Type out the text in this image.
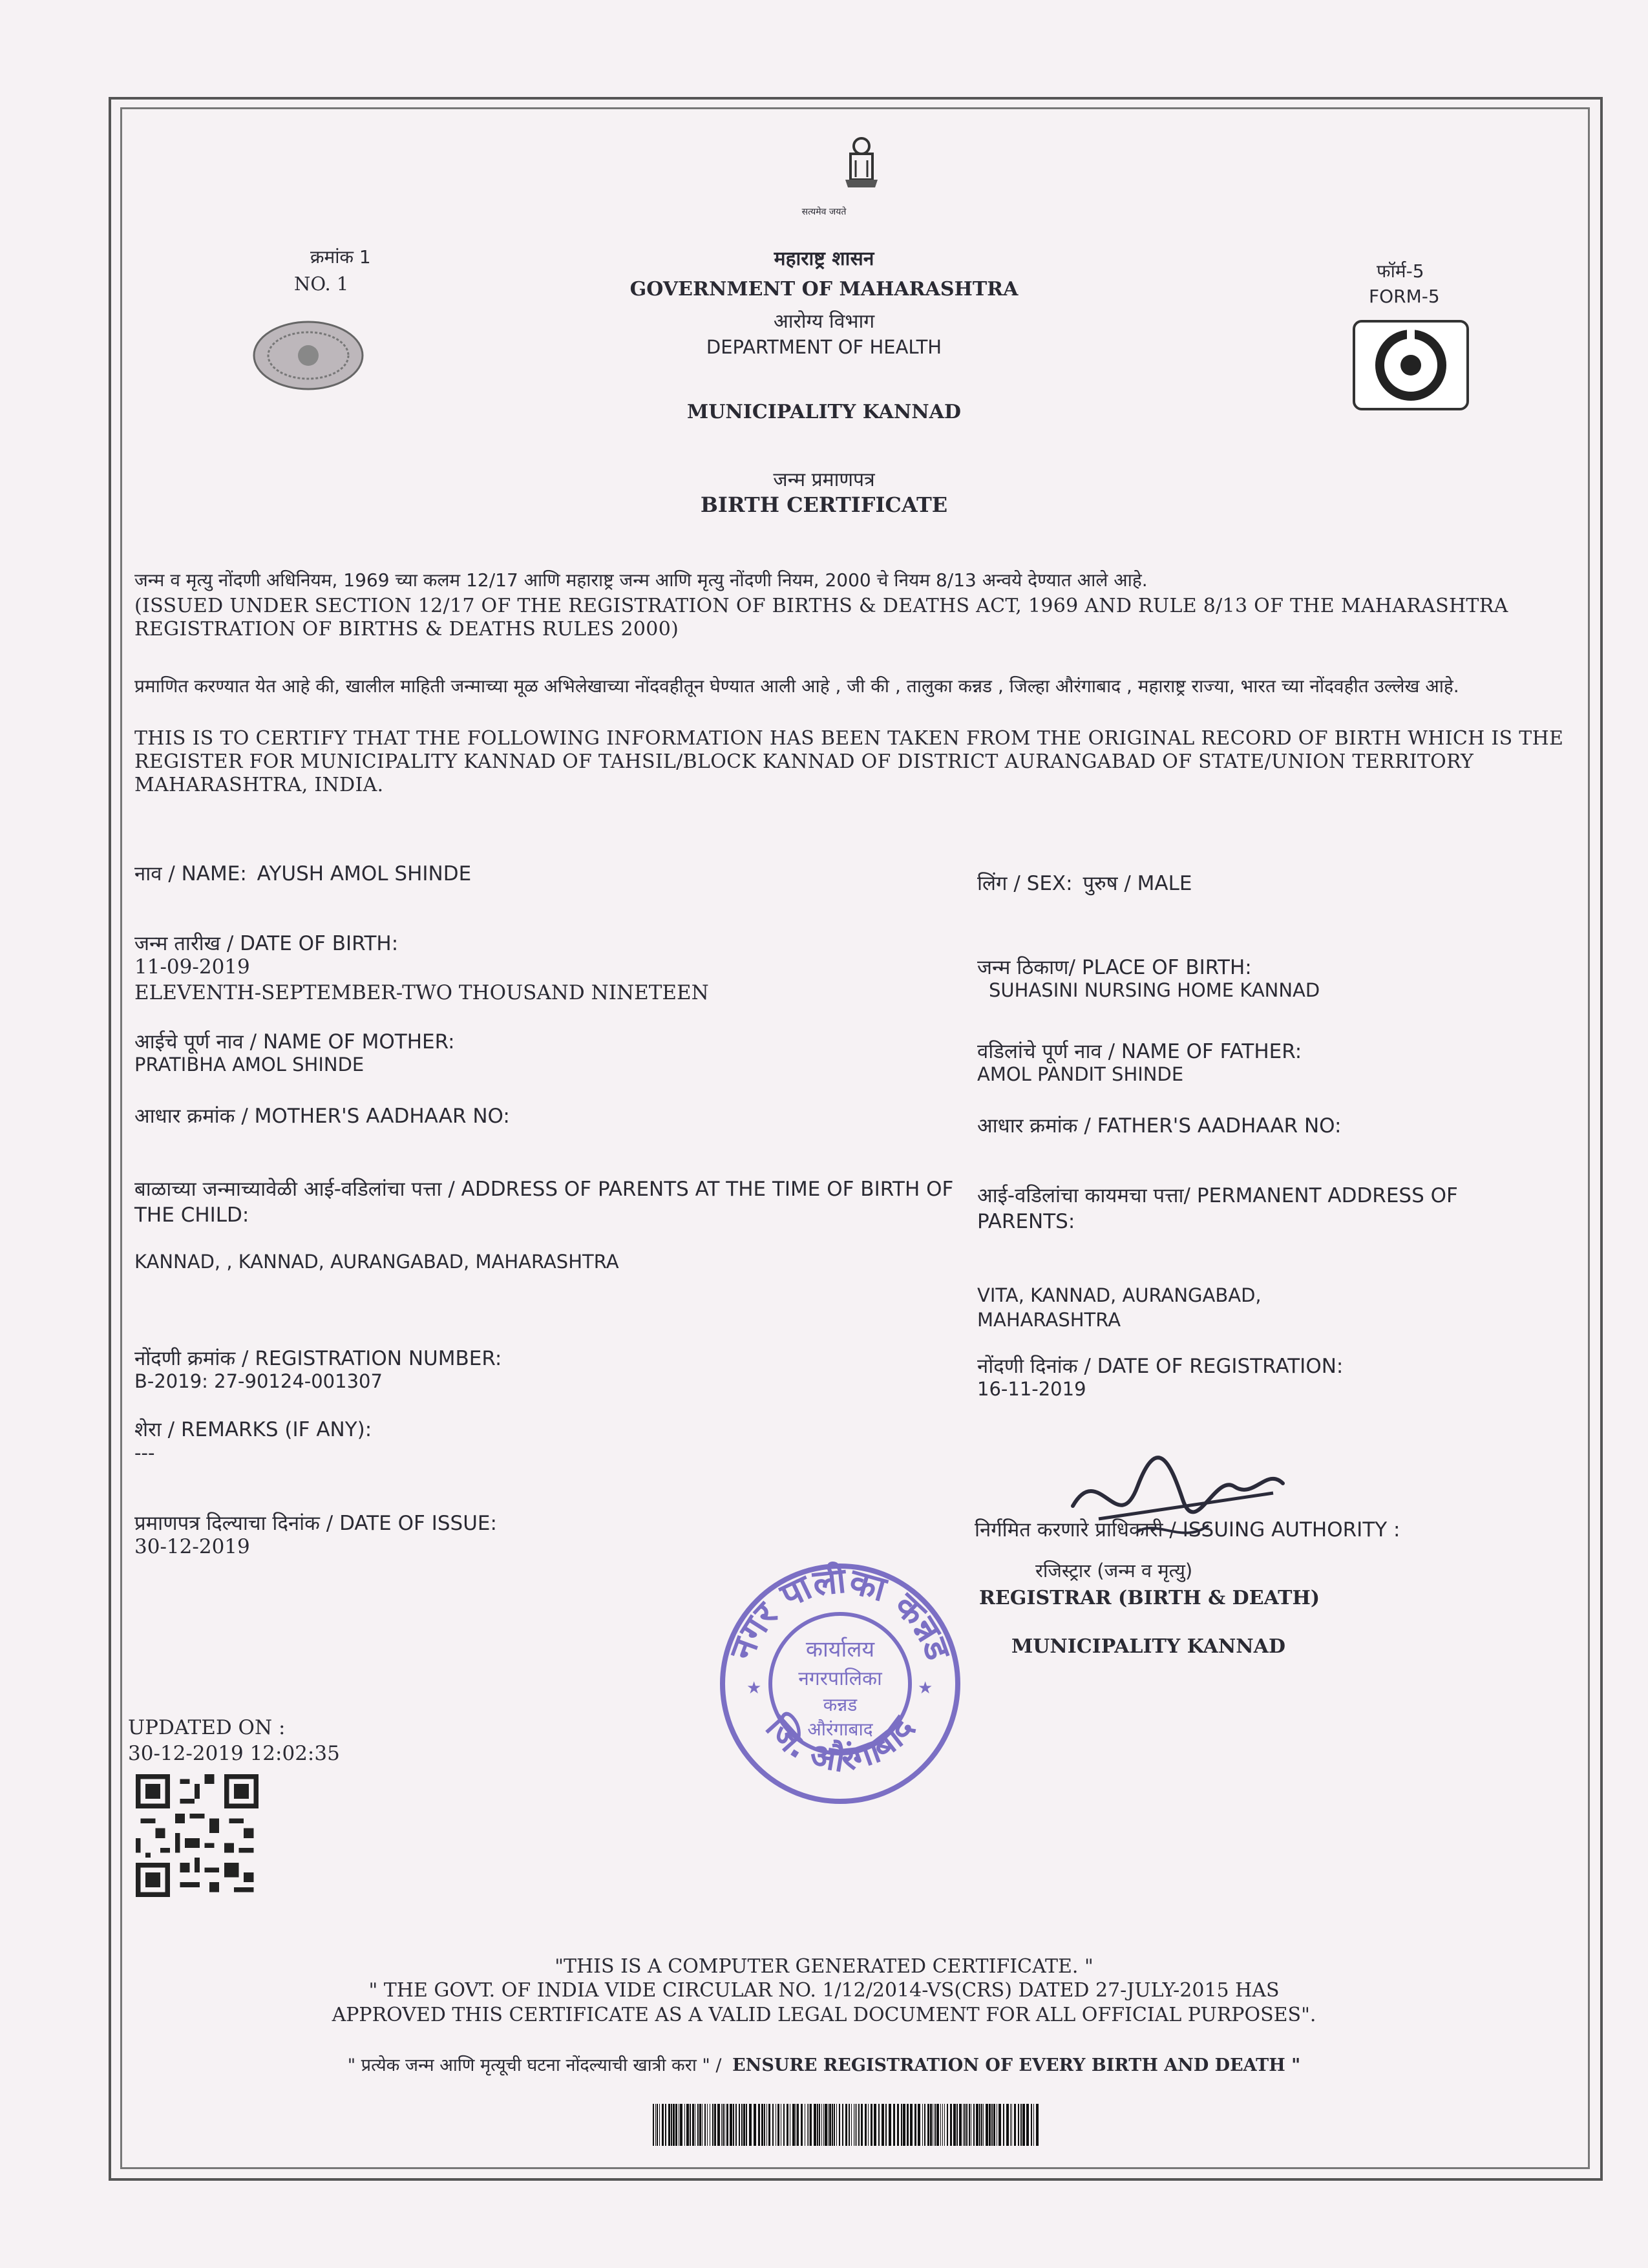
सत्यमेव जयते
क्रमांक 1
NO. 1
महाराष्ट्र शासन
GOVERNMENT OF MAHARASHTRA
आरोग्य विभाग
DEPARTMENT OF HEALTH
MUNICIPALITY KANNAD
जन्म प्रमाणपत्र
BIRTH CERTIFICATE
फॉर्म-5
FORM-5
जन्म व मृत्यु नोंदणी अधिनियम, 1969 च्या कलम 12/17 आणि महाराष्ट्र जन्म आणि मृत्यु नोंदणी नियम, 2000 चे नियम 8/13 अन्वये देण्यात आले आहे.
(ISSUED UNDER SECTION 12/17 OF THE REGISTRATION OF BIRTHS & DEATHS ACT, 1969 AND RULE 8/13 OF THE MAHARASHTRA REGISTRATION OF BIRTHS & DEATHS RULES 2000)
प्रमाणित करण्यात येत आहे की, खालील माहिती जन्माच्या मूळ अभिलेखाच्या नोंदवहीतून घेण्यात आली आहे , जी की , तालुका कन्नड , जिल्हा औरंगाबाद , महाराष्ट्र राज्या, भारत च्या नोंदवहीत उल्लेख आहे.
THIS IS TO CERTIFY THAT THE FOLLOWING INFORMATION HAS BEEN TAKEN FROM THE ORIGINAL RECORD OF BIRTH WHICH IS THE REGISTER FOR MUNICIPALITY KANNAD OF TAHSIL/BLOCK KANNAD OF DISTRICT AURANGABAD OF STATE/UNION TERRITORY MAHARASHTRA, INDIA.
नाव / NAME: AYUSH AMOL SHINDE	लिंग / SEX: पुरुष / MALE
जन्म तारीख / DATE OF BIRTH:
11-09-2019
ELEVENTH-SEPTEMBER-TWO THOUSAND NINETEEN
जन्म ठिकाण/ PLACE OF BIRTH:
SUHASINI NURSING HOME KANNAD
आईचे पूर्ण नाव / NAME OF MOTHER:
PRATIBHA AMOL SHINDE
वडिलांचे पूर्ण नाव / NAME OF FATHER:
AMOL PANDIT SHINDE
आधार क्रमांक / MOTHER'S AADHAAR NO:	आधार क्रमांक / FATHER'S AADHAAR NO:
बाळाच्या जन्माच्यावेळी आई-वडिलांचा पत्ता / ADDRESS OF PARENTS AT THE TIME OF BIRTH OF THE CHILD:
KANNAD, , KANNAD, AURANGABAD, MAHARASHTRA
आई-वडिलांचा कायमचा पत्ता/ PERMANENT ADDRESS OF PARENTS:
VITA, KANNAD, AURANGABAD, MAHARASHTRA
नोंदणी क्रमांक / REGISTRATION NUMBER:
B-2019: 27-90124-001307
नोंदणी दिनांक / DATE OF REGISTRATION:
16-11-2019
शेरा / REMARKS (IF ANY):
---
प्रमाणपत्र दिल्याचा दिनांक / DATE OF ISSUE:
30-12-2019
निर्गमित करणारे प्राधिकारी / ISSUING AUTHORITY :
रजिस्ट्रार (जन्म व मृत्यु)
REGISTRAR (BIRTH & DEATH)
MUNICIPALITY KANNAD
नगर पालीका कन्नड
जि. औरंगाबाद
कार्यालय
नगरपालिका
कन्नड
औरंगाबाद
★	★
UPDATED ON :
30-12-2019 12:02:35
"THIS IS A COMPUTER GENERATED CERTIFICATE. "
" THE GOVT. OF INDIA VIDE CIRCULAR NO. 1/12/2014-VS(CRS) DATED 27-JULY-2015 HAS
APPROVED THIS CERTIFICATE AS A VALID LEGAL DOCUMENT FOR ALL OFFICIAL PURPOSES".
" प्रत्येक जन्म आणि मृत्यूची घटना नोंदल्याची खात्री करा " / ENSURE REGISTRATION OF EVERY BIRTH AND DEATH "
